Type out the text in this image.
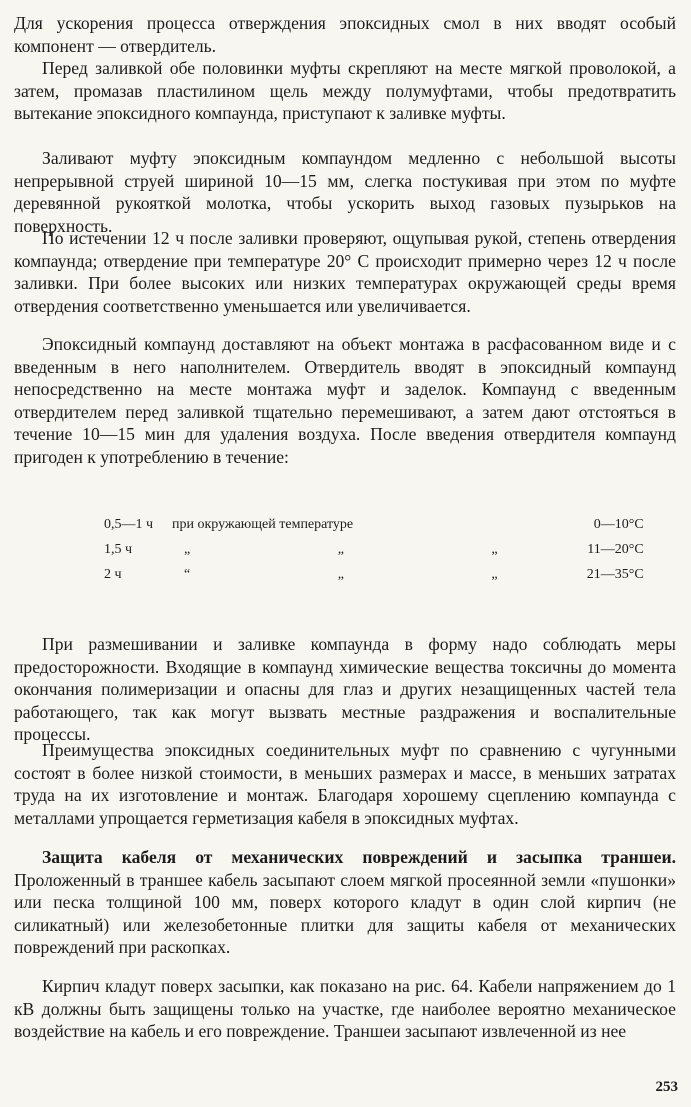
Для ускорения процесса отверждения эпоксидных смол в них вводят особый компонент — отвердитель.

Перед заливкой обе половинки муфты скрепляют на месте мягкой проволокой, а затем, промазав пластилином щель между полумуфтами, чтобы предотвратить вытекание эпоксидного компаунда, приступают к заливке муфты.

Заливают муфту эпоксидным компаундом медленно с небольшой высоты непрерывной струей шириной 10—15 мм, слегка постукивая при этом по муфте деревянной рукояткой молотка, чтобы ускорить выход газовых пузырьков на поверхность.

По истечении 12 ч после заливки проверяют, ощупывая рукой, степень отвердения компаунда; отвердение при температуре 20° С происходит примерно через 12 ч после заливки. При более высоких или низких температурах окружающей среды время отвердения соответственно уменьшается или увеличивается.

Эпоксидный компаунд доставляют на объект монтажа в расфасованном виде и с введенным в него наполнителем. Отвердитель вводят в эпоксидный компаунд непосредственно на месте монтажа муфт и заделок. Компаунд с введенным отвердителем перед заливкой тщательно перемешивают, а затем дают отстояться в течение 10—15 мин для удаления воздуха. После введения отвердителя компаунд пригоден к употреблению в течение:

0,5—1 ч	при окружающей температуре	0—10°С
1,5 ч	„ „ „	11—20°С
2 ч	“ „ „	21—35°С

При размешивании и заливке компаунда в форму надо соблюдать меры предосторожности. Входящие в компаунд химические вещества токсичны до момента окончания полимеризации и опасны для глаз и других незащищенных частей тела работающего, так как могут вызвать местные раздражения и воспалительные процессы.

Преимущества эпоксидных соединительных муфт по сравнению с чугунными состоят в более низкой стоимости, в меньших размерах и массе, в меньших затратах труда на их изготовление и монтаж. Благодаря хорошему сцеплению компаунда с металлами упрощается герметизация кабеля в эпоксидных муфтах.

Защита кабеля от механических повреждений и засыпка траншеи. Проложенный в траншее кабель засыпают слоем мягкой просеянной земли «пушонки» или песка толщиной 100 мм, поверх которого кладут в один слой кирпич (не силикатный) или железобетонные плитки для защиты кабеля от механических повреждений при раскопках.

Кирпич кладут поверх засыпки, как показано на рис. 64. Кабели напряжением до 1 кВ должны быть защищены только на участке, где наиболее вероятно механическое воздействие на кабель и его повреждение. Траншеи засыпают извлеченной из нее

253
